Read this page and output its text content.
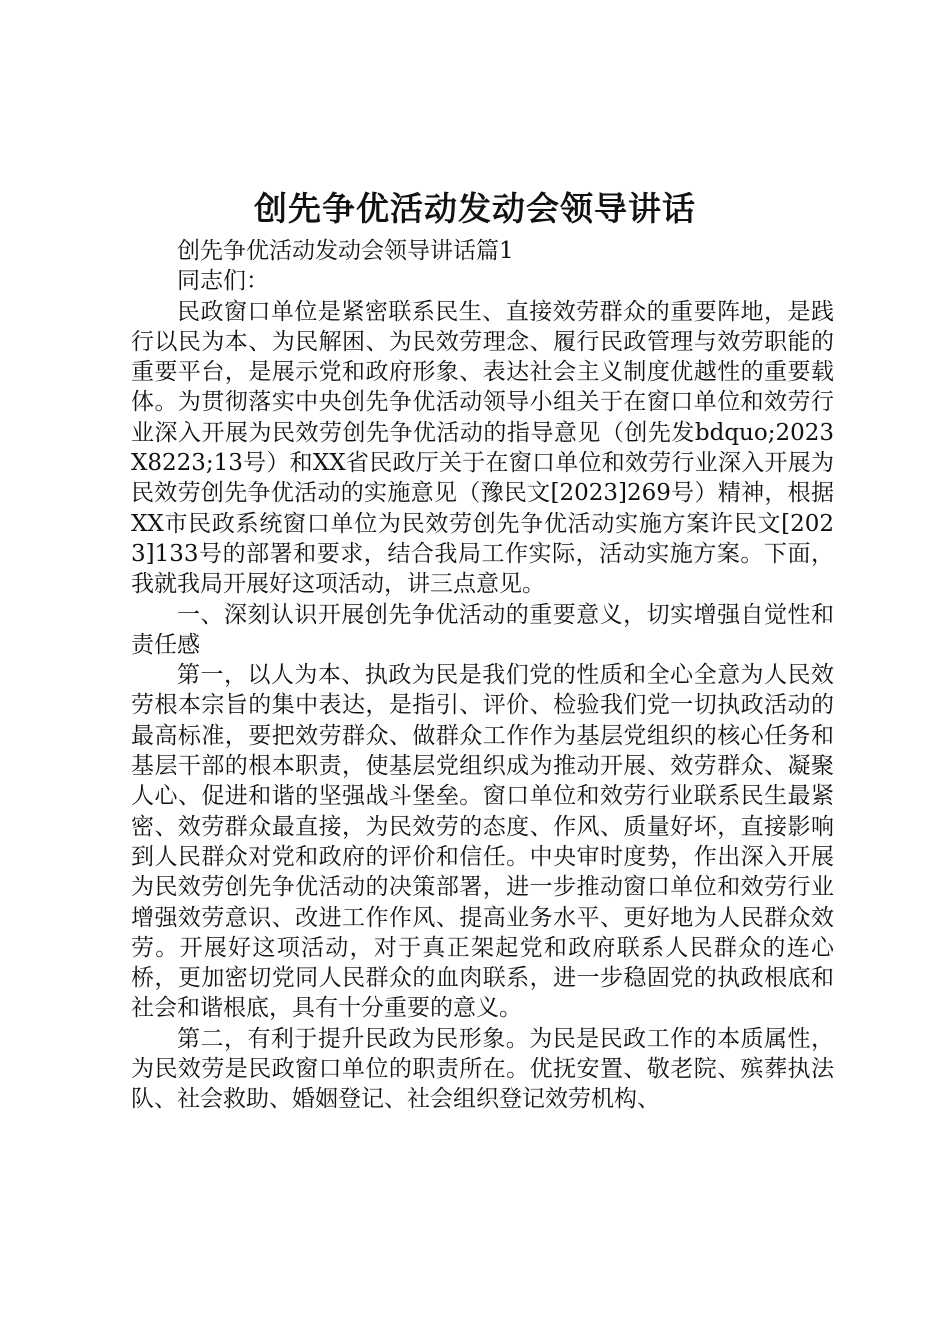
创先争优活动发动会领导讲话

创先争优活动发动会领导讲话篇1

同志们：

民政窗口单位是紧密联系民生、直接效劳群众的重要阵地，是践行以民为本、为民解困、为民效劳理念、履行民政管理与效劳职能的重要平台，是展示党和政府形象、表达社会主义制度优越性的重要载体。为贯彻落实中央创先争优活动领导小组关于在窗口单位和效劳行业深入开展为民效劳创先争优活动的指导意见（创先发bdquo;2023X8223;13号）和XX省民政厅关于在窗口单位和效劳行业深入开展为民效劳创先争优活动的实施意见（豫民文[2023]269号）精神，根据XX市民政系统窗口单位为民效劳创先争优活动实施方案许民文[2023]133号的部署和要求，结合我局工作实际，活动实施方案。下面，我就我局开展好这项活动，讲三点意见。

一、深刻认识开展创先争优活动的重要意义，切实增强自觉性和责任感

第一，以人为本、执政为民是我们党的性质和全心全意为人民效劳根本宗旨的集中表达，是指引、评价、检验我们党一切执政活动的最高标准，要把效劳群众、做群众工作作为基层党组织的核心任务和基层干部的根本职责，使基层党组织成为推动开展、效劳群众、凝聚人心、促进和谐的坚强战斗堡垒。窗口单位和效劳行业联系民生最紧密、效劳群众最直接，为民效劳的态度、作风、质量好坏，直接影响到人民群众对党和政府的评价和信任。中央审时度势，作出深入开展为民效劳创先争优活动的决策部署，进一步推动窗口单位和效劳行业增强效劳意识、改进工作作风、提高业务水平、更好地为人民群众效劳。开展好这项活动，对于真正架起党和政府联系人民群众的连心桥，更加密切党同人民群众的血肉联系，进一步稳固党的执政根底和社会和谐根底，具有十分重要的意义。

第二，有利于提升民政为民形象。为民是民政工作的本质属性，为民效劳是民政窗口单位的职责所在。优抚安置、敬老院、殡葬执法队、社会救助、婚姻登记、社会组织登记效劳机构、
